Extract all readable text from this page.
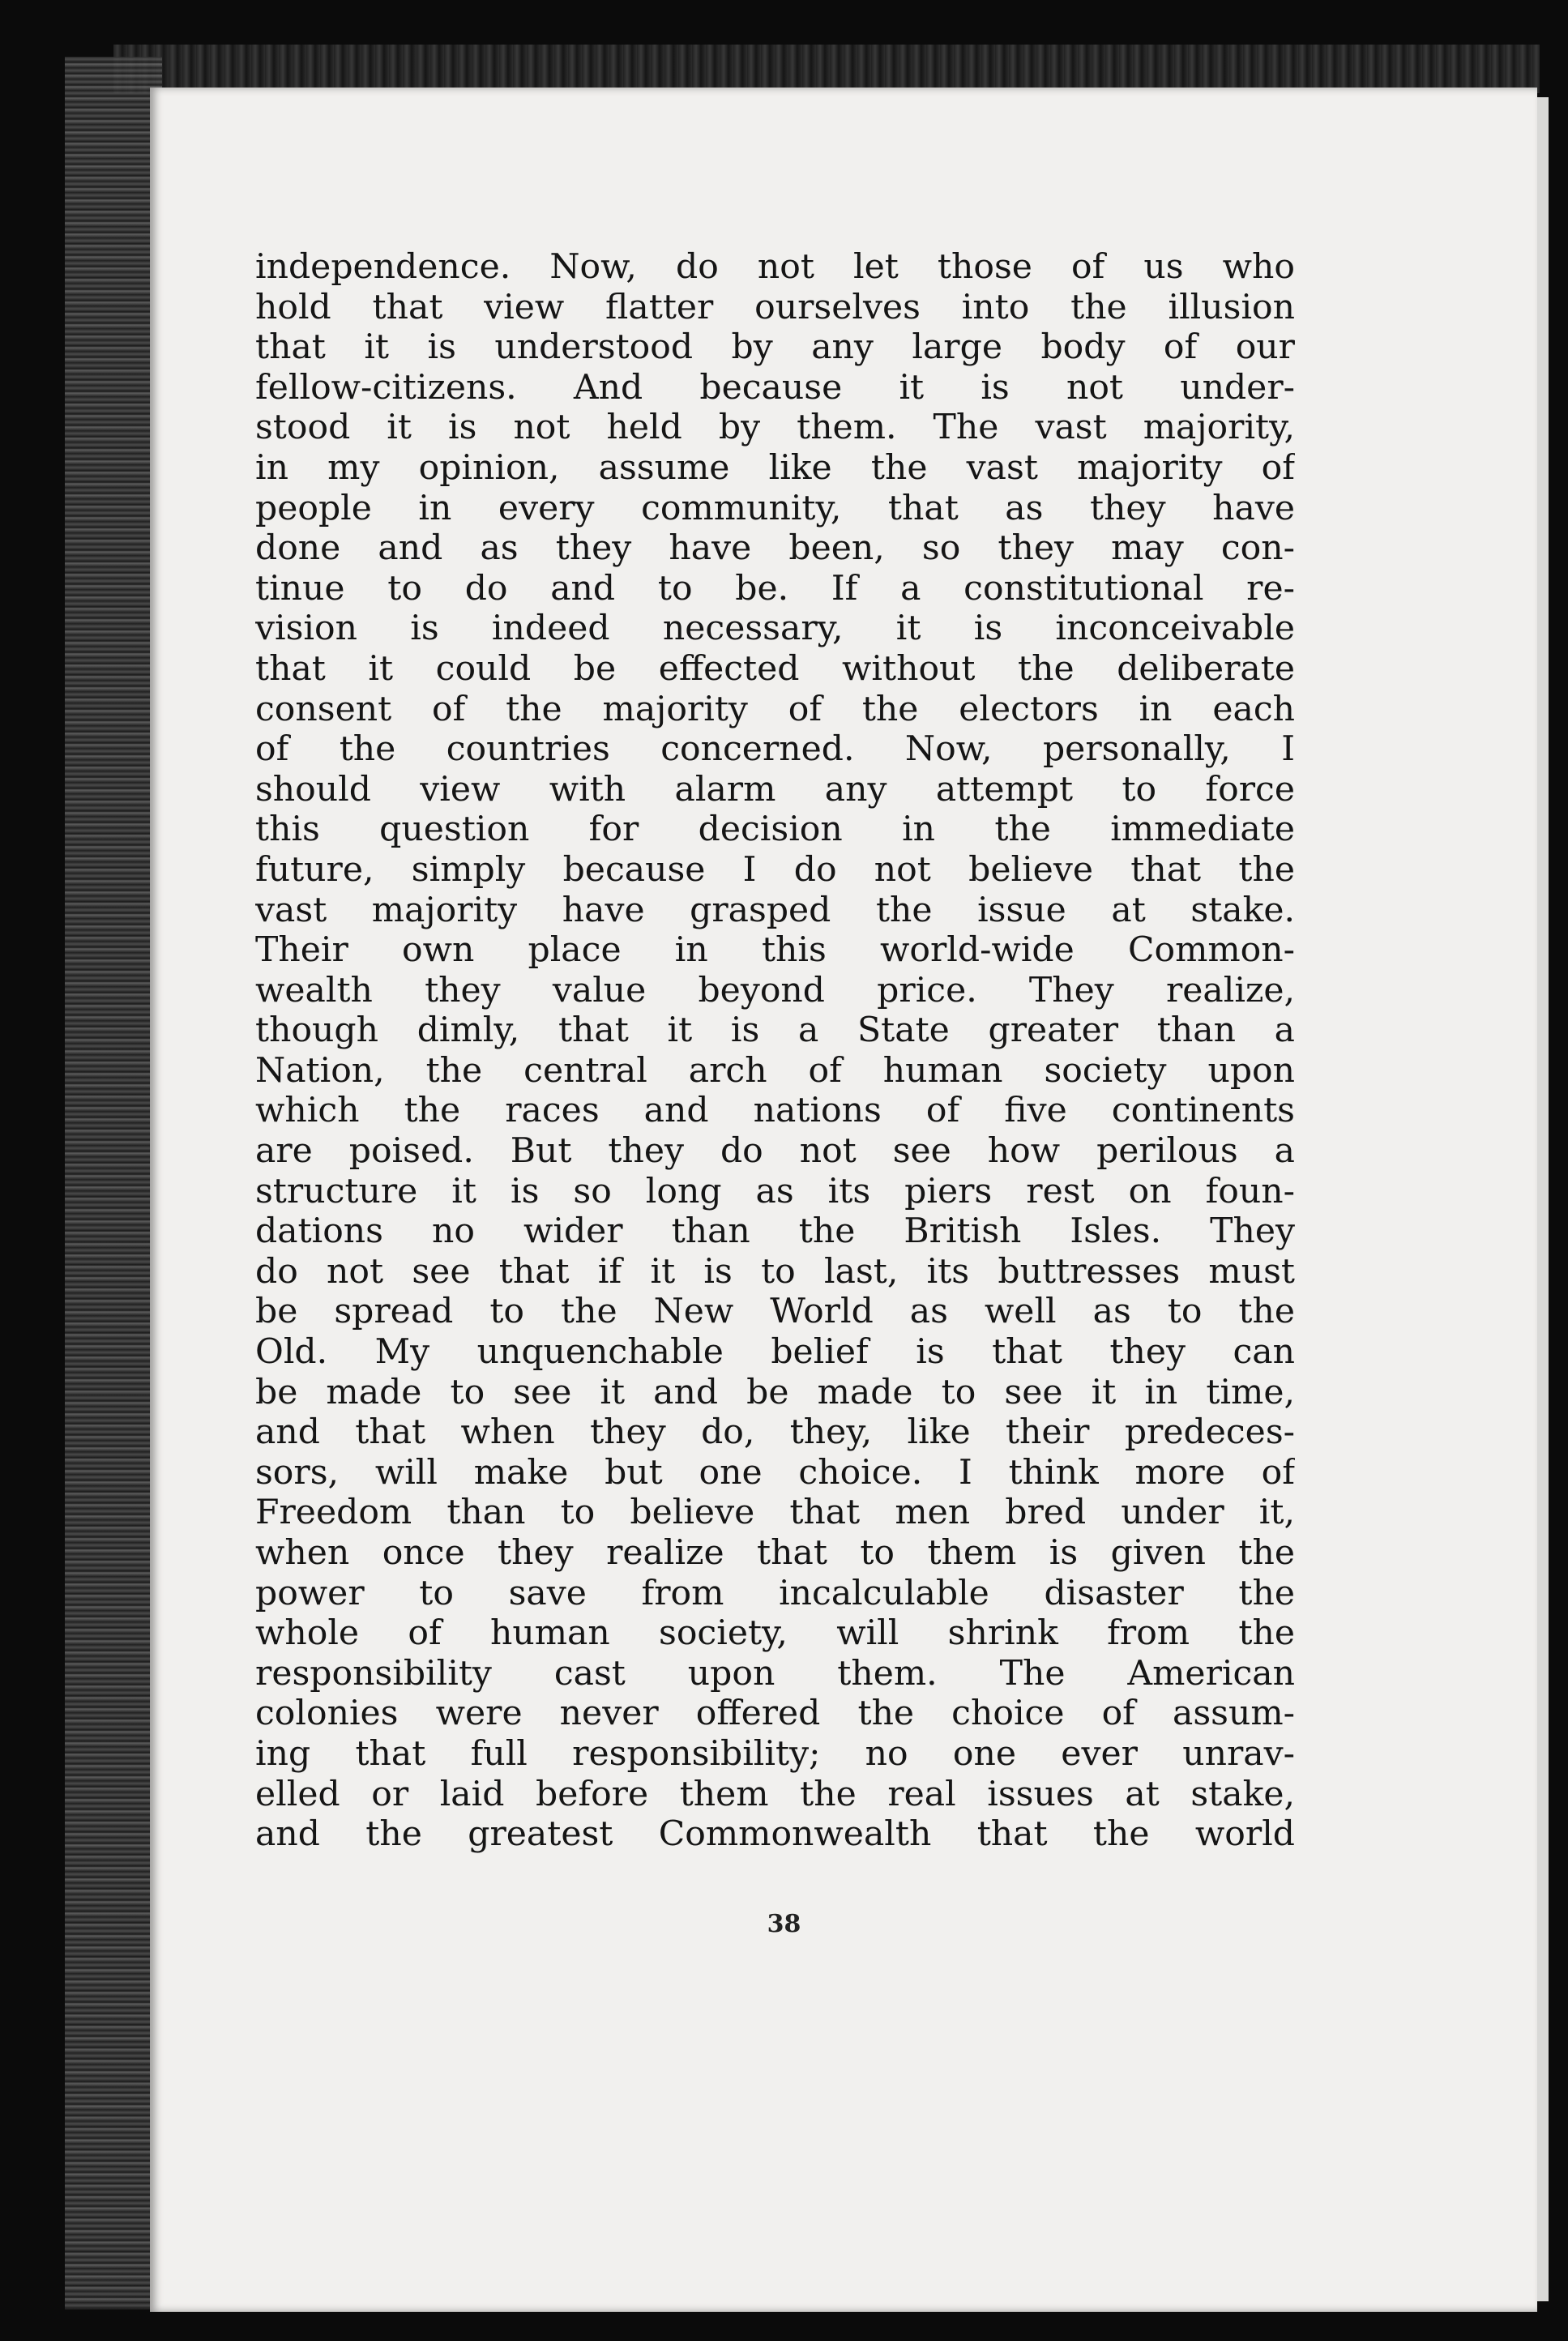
independence. Now, do not let those of us who
hold that view flatter ourselves into the illusion
that it is understood by any large body of our
fellow-citizens. And because it is not under-
stood it is not held by them. The vast majority,
in my opinion, assume like the vast majority of
people in every community, that as they have
done and as they have been, so they may con-
tinue to do and to be. If a constitutional re-
vision is indeed necessary, it is inconceivable
that it could be effected without the deliberate
consent of the majority of the electors in each
of the countries concerned. Now, personally, I
should view with alarm any attempt to force
this question for decision in the immediate
future, simply because I do not believe that the
vast majority have grasped the issue at stake.
Their own place in this world-wide Common-
wealth they value beyond price. They realize,
though dimly, that it is a State greater than a
Nation, the central arch of human society upon
which the races and nations of five continents
are poised. But they do not see how perilous a
structure it is so long as its piers rest on foun-
dations no wider than the British Isles. They
do not see that if it is to last, its buttresses must
be spread to the New World as well as to the
Old. My unquenchable belief is that they can
be made to see it and be made to see it in time,
and that when they do, they, like their predeces-
sors, will make but one choice. I think more of
Freedom than to believe that men bred under it,
when once they realize that to them is given the
power to save from incalculable disaster the
whole of human society, will shrink from the
responsibility cast upon them. The American
colonies were never offered the choice of assum-
ing that full responsibility; no one ever unrav-
elled or laid before them the real issues at stake,
and the greatest Commonwealth that the world
38
